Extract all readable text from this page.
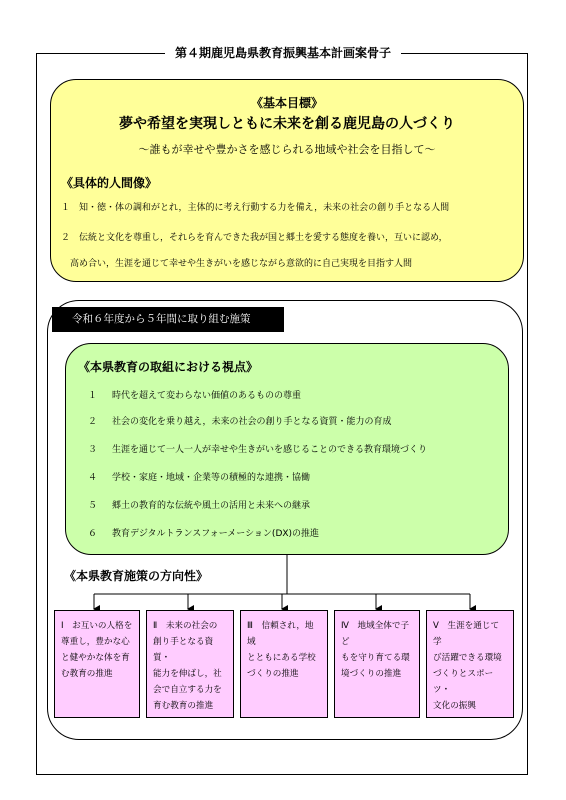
第４期鹿児島県教育振興基本計画案骨子
《基本目標》
夢や希望を実現しともに未来を創る鹿児島の人づくり
～誰もが幸せや豊かさを感じられる地域や社会を目指して～
《具体的人間像》
１　知・徳・体の調和がとれ，主体的に考え行動する力を備え，未来の社会の創り手となる人間
２　伝統と文化を尊重し，それらを育んできた我が国と郷土を愛する態度を養い，互いに認め，
　高め合い，生涯を通じて幸せや生きがいを感じながら意欲的に自己実現を目指す人間
令和６年度から５年間に取り組む施策
《本県教育の取組における視点》
１ 時代を超えて変わらない価値のあるものの尊重
２ 社会の変化を乗り越え，未来の社会の創り手となる資質・能力の育成
３ 生涯を通じて一人一人が幸せや生きがいを感じることのできる教育環境づくり
４ 学校・家庭・地域・企業等の積極的な連携・協働
５ 郷土の教育的な伝統や風土の活用と未来への継承
６ 教育デジタルトランスフォーメーション(DX)の推進
《本県教育施策の方向性》
Ⅰ　お互いの人格を
尊重し，豊かな心
と健やかな体を育
む教育の推進
Ⅱ　未来の社会の
創り手となる資質・
能力を伸ばし，社
会で自立する力を
育む教育の推進
Ⅲ　信頼され，地域
とともにある学校
づくりの推進
Ⅳ　地域全体で子ど
もを守り育てる環
境づくりの推進
Ⅴ　生涯を通じて学
び活躍できる環境
づくりとスポーツ・
文化の振興
